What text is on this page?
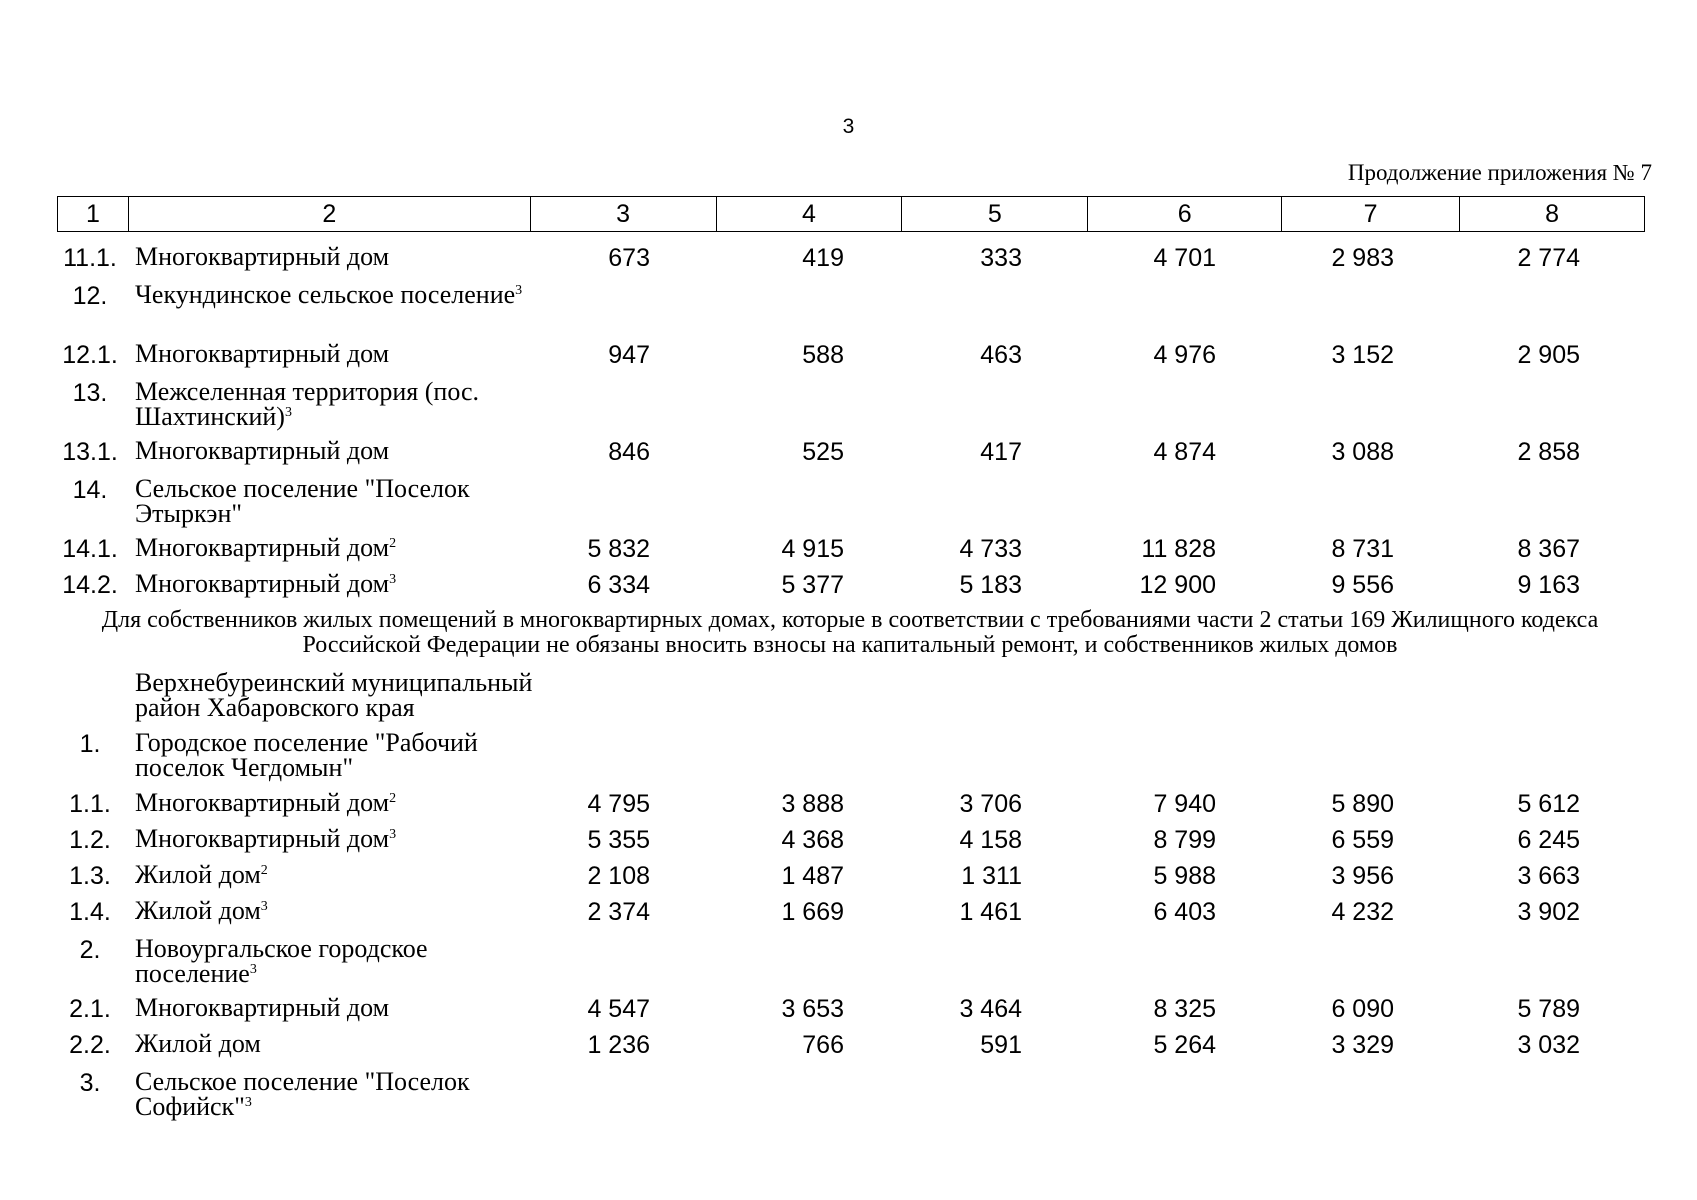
3
Продолжение приложения № 7
1	2	3	4	5	6	7	8
11.1. Многоквартирный дом	673	419	333	4 701	2 983	2 774
12.	Чекундинское сельское поселение$^3$
12.1. Многоквартирный дом	947	588	463	4 976	3 152	2 905
13.	Межселенная территория (пос. Шахтинский)$^3$
13.1. Многоквартирный дом	846	525	417	4 874	3 088	2 858
14.	Сельское поселение "Поселок Этыркэн"
14.1. Многоквартирный дом$^2$	5 832	4 915	4 733	11 828	8 731	8 367
14.2. Многоквартирный дом$^3$	6 334	5 377	5 183	12 900	9 556	9 163
Для собственников жилых помещений в многоквартирных домах, которые в соответствии с требованиями части 2 статьи 169 Жилищного кодекса Российской Федерации не обязаны вносить взносы на капитальный ремонт, и собственников жилых домов
Верхнебуреинский муниципальный район Хабаровского края
1.	Городское поселение "Рабочий поселок Чегдомын"
1.1. Многоквартирный дом$^2$	4 795	3 888	3 706	7 940	5 890	5 612
1.2. Многоквартирный дом$^3$	5 355	4 368	4 158	8 799	6 559	6 245
1.3. Жилой дом$^2$	2 108	1 487	1 311	5 988	3 956	3 663
1.4. Жилой дом$^3$	2 374	1 669	1 461	6 403	4 232	3 902
2.	Новоургальское городское поселение$^3$
2.1. Многоквартирный дом	4 547	3 653	3 464	8 325	6 090	5 789
2.2. Жилой дом	1 236	766	591	5 264	3 329	3 032
3.	Сельское поселение "Поселок Софийск"$^3$
